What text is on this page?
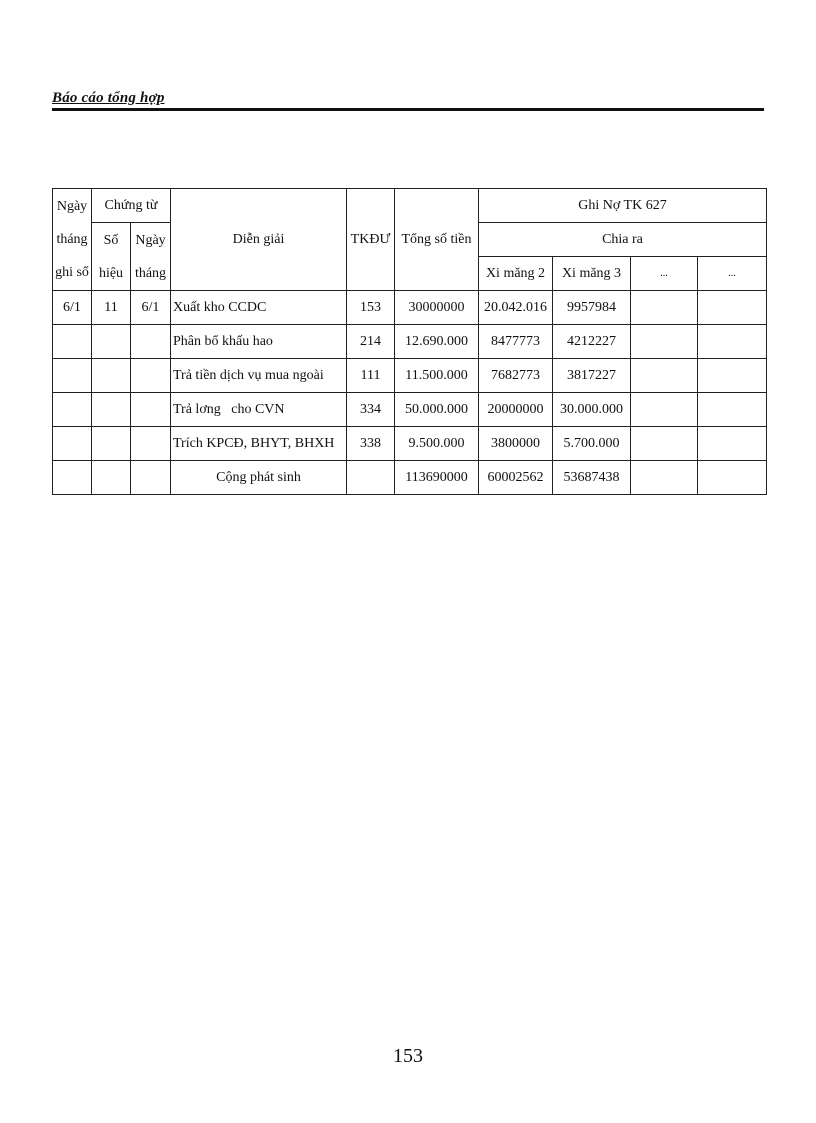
Báo cáo tổng hợp
Ngày tháng ghi sổ	Chứng từ		Diễn giải	TKĐƯ	Tổng số tiền	Ghi Nợ TK 627			
	Số hiệu	Ngày tháng				Chia ra			
						Xi măng 2	Xi măng 3	...	...
6/1	11	6/1	Xuất kho CCDC	153	30000000	20.042.016	9957984		
			Phân bổ khấu hao	214	12.690.000	8477773	4212227		
			Trả tiền dịch vụ mua ngoài	111	11.500.000	7682773	3817227		
			Trả lơng   cho CVN	334	50.000.000	20000000	30.000.000		
			Trích KPCĐ, BHYT, BHXH	338	9.500.000	3800000	5.700.000		
			Cộng phát sinh		113690000	60002562	53687438		
153
